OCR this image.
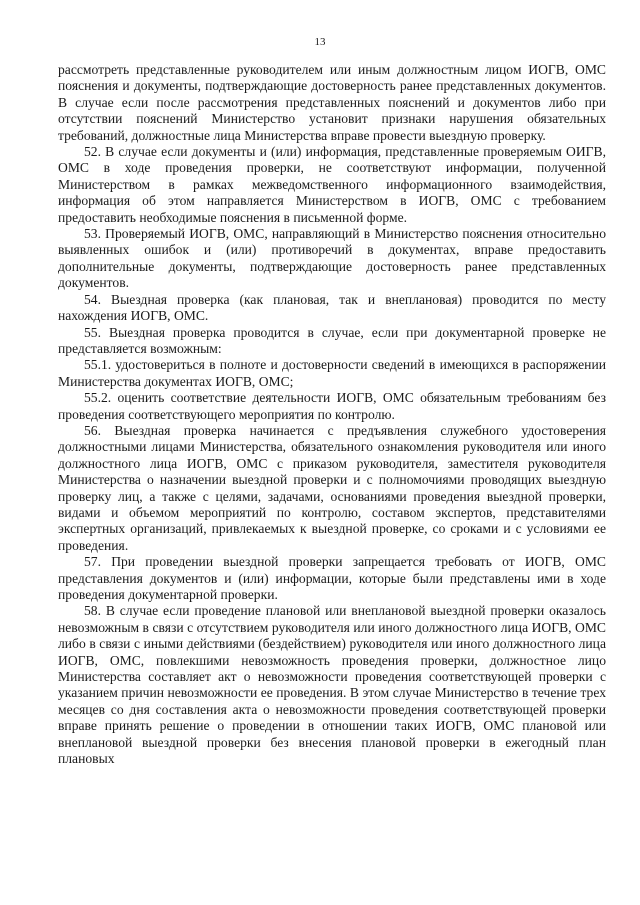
13

рассмотреть представленные руководителем или иным должностным лицом ИОГВ, ОМС пояснения и документы, подтверждающие достоверность ранее представленных документов. В случае если после рассмотрения представленных пояснений и документов либо при отсутствии пояснений Министерство установит признаки нарушения обязательных требований, должностные лица Министерства вправе провести выездную проверку.

52. В случае если документы и (или) информация, представленные проверяемым ОИГВ, ОМС в ходе проведения проверки, не соответствуют информации, полученной Министерством в рамках межведомственного информационного взаимодействия, информация об этом направляется Министерством в ИОГВ, ОМС с требованием предоставить необходимые пояснения в письменной форме.

53. Проверяемый ИОГВ, ОМС, направляющий в Министерство пояснения относительно выявленных ошибок и (или) противоречий в документах, вправе предоставить дополнительные документы, подтверждающие достоверность ранее представленных документов.

54. Выездная проверка (как плановая, так и внеплановая) проводится по месту нахождения ИОГВ, ОМС.

55. Выездная проверка проводится в случае, если при документарной проверке не представляется возможным:

55.1. удостовериться в полноте и достоверности сведений в имеющихся в распоряжении Министерства документах ИОГВ, ОМС;

55.2. оценить соответствие деятельности ИОГВ, ОМС обязательным требованиям без проведения соответствующего мероприятия по контролю.

56. Выездная проверка начинается с предъявления служебного удостоверения должностными лицами Министерства, обязательного ознакомления руководителя или иного должностного лица ИОГВ, ОМС с приказом руководителя, заместителя руководителя Министерства о назначении выездной проверки и с полномочиями проводящих выездную проверку лиц, а также с целями, задачами, основаниями проведения выездной проверки, видами и объемом мероприятий по контролю, составом экспертов, представителями экспертных организаций, привлекаемых к выездной проверке, со сроками и с условиями ее проведения.

57. При проведении выездной проверки запрещается требовать от ИОГВ, ОМС представления документов и (или) информации, которые были представлены ими в ходе проведения документарной проверки.

58. В случае если проведение плановой или внеплановой выездной проверки оказалось невозможным в связи с отсутствием руководителя или иного должностного лица ИОГВ, ОМС либо в связи с иными действиями (бездействием) руководителя или иного должностного лица ИОГВ, ОМС, повлекшими невозможность проведения проверки, должностное лицо Министерства составляет акт о невозможности проведения соответствующей проверки с указанием причин невозможности ее проведения. В этом случае Министерство в течение трех месяцев со дня составления акта о невозможности проведения соответствующей проверки вправе принять решение о проведении в отношении таких ИОГВ, ОМС плановой или внеплановой выездной проверки без внесения плановой проверки в ежегодный план плановых
